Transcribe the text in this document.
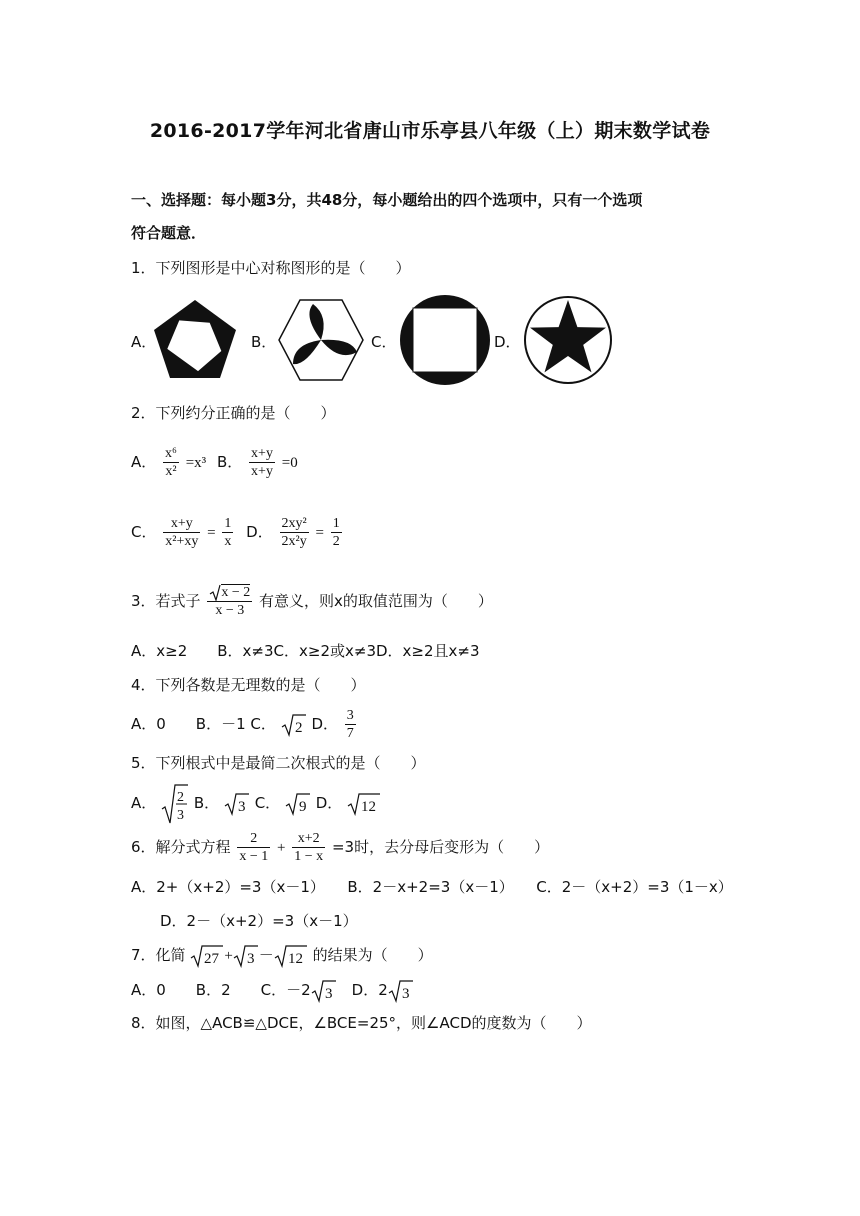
2016-2017学年河北省唐山市乐亭县八年级（上）期末数学试卷
一、选择题：每小题3分，共48分，每小题给出的四个选项中，只有一个选项
符合题意．
1．下列图形是中心对称图形的是（　　）
A．	B．	C．	D．
2．下列约分正确的是（　　）
A． $\frac{\text{x⁶}}{\text{x²}} =x^3$ B． $\frac{x+y}{x+y} =0$
C． $\frac{x+y}{\text{x²+xy}} = \frac{1}{x}$ D． $\frac{\text{2xy²}}{\text{2x²y}} = \frac{1}{2}$
3．若式子 $\frac{x - 2}{x - 3}$ 有意义，则x的取值范围为（　　）
A．x≥2　　B．x≠3C．x≥2或x≠3D．x≥2且x≠3
4．下列各数是无理数的是（　　）
A．0　　B．－1 C． 2 D． $\frac{3}{7}$
5．下列根式中是最简二次根式的是（　　）
A． 2
3
B． 3 C． 9 D． 12
6．解分式方程 $\frac{2}{x - 1} + \frac{x+2}{1 - x} =3$时，去分母后变形为（　　）
A．2+（x+2）=3（x－1）　　B．2－x+2=3（x－1）　　C．2－（x+2）=3（1－x）
D．2－（x+2）=3（x－1）
7．化简 27 + 3 － 12 的结果为（　　）
A．0　　B．2　　C．－2 3 　D．2 3
8．如图，△ACB≌△DCE，∠BCE=25°，则∠ACD的度数为（　　）
